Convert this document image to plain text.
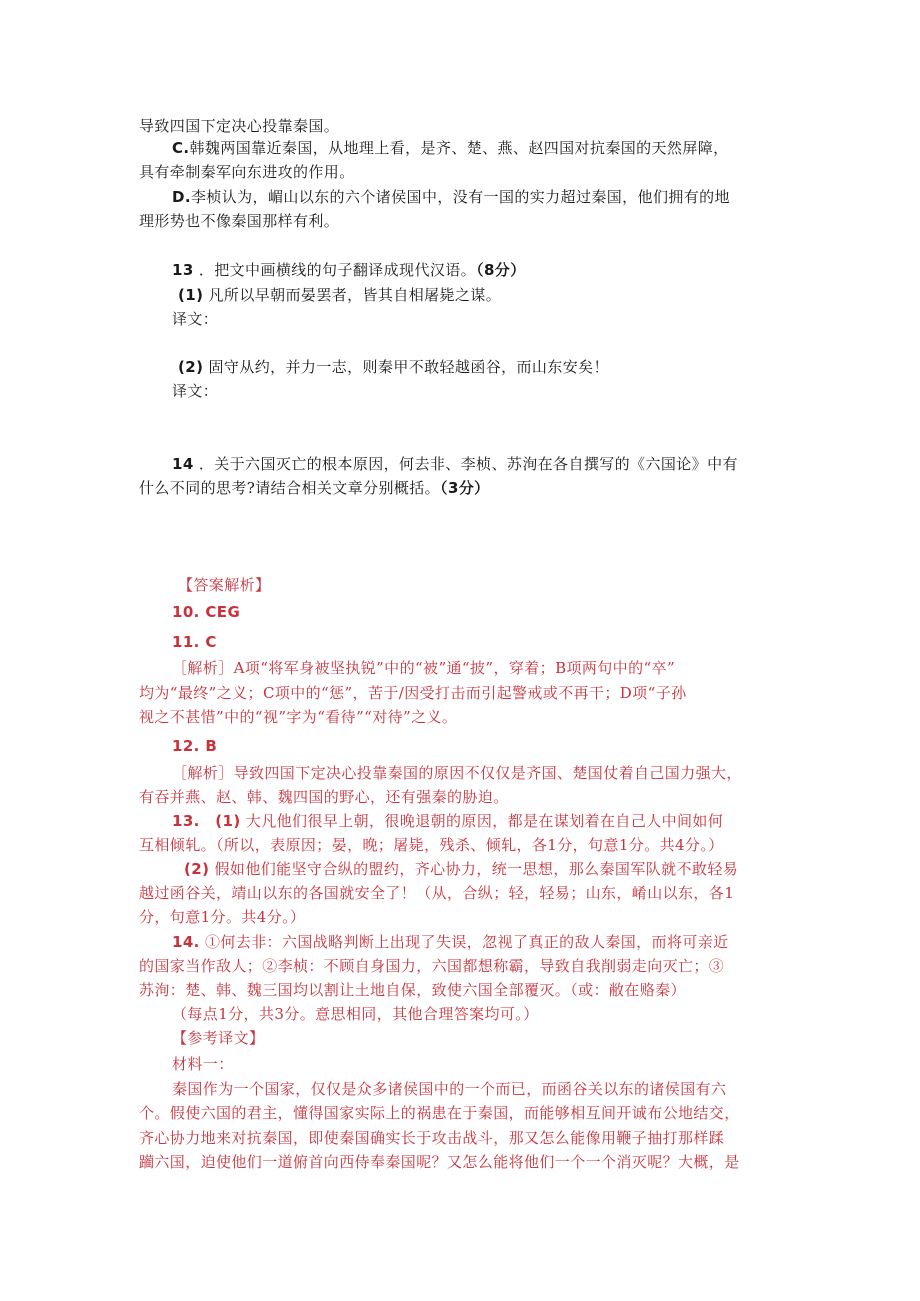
导致四国下定决心投靠秦国。
C.韩魏两国靠近秦国，从地理上看，是齐、楚、燕、赵四国对抗秦国的天然屏障，
具有牵制秦军向东进攻的作用。
D.李桢认为，嵋山以东的六个诸侯国中，没有一国的实力超过秦国，他们拥有的地
理形势也不像秦国那样有利。
13 ．把文中画横线的句子翻译成现代汉语。（8分）
(1) 凡所以早朝而晏罢者，皆其自相屠毙之谋。
译文：
(2) 固守从约，并力一志，则秦甲不敢轻越函谷，而山东安矣！
译文：
14 ．关于六国灭亡的根本原因，何去非、李桢、苏洵在各自撰写的《六国论》中有
什么不同的思考?请结合相关文章分别概括。（3分）
【答案解析】
10. CEG
11. C
［解析］A项“将军身被坚执锐”中的“被”通“披”，穿着；B项两句中的“卒”
均为“最终”之义；C项中的“惩”，苦于/因受打击而引起警戒或不再干；D项“子孙
视之不甚惜”中的“视”字为“看待”“对待”之义。
12. B
［解析］导致四国下定决心投靠秦国的原因不仅仅是齐国、楚国仗着自己国力强大，
有吞并燕、赵、韩、魏四国的野心，还有强秦的胁迫。
13. (1) 大凡他们很早上朝，很晚退朝的原因，都是在谋划着在自己人中间如何
互相倾轧。（所以，表原因；晏，晚；屠毙，残杀、倾轧，各1分，句意1分。共4分。）
(2) 假如他们能坚守合纵的盟约，齐心协力，统一思想，那么秦国军队就不敢轻易
越过函谷关，靖山以东的各国就安全了！（从，合纵；轻，轻易；山东，崤山以东，各1
分，句意1分。共4分。）
14. ①何去非：六国战略判断上出现了失误，忽视了真正的敌人秦国，而将可亲近
的国家当作敌人；②李桢：不顾自身国力，六国都想称霸，导致自我削弱走向灭亡；③
苏洵：楚、韩、魏三国均以割让土地自保，致使六国全部覆灭。（或：敝在赂秦）
（每点1分，共3分。意思相同，其他合理答案均可。）
【参考译文】
材料一：
秦国作为一个国家，仅仅是众多诸侯国中的一个而已，而函谷关以东的诸侯国有六
个。假使六国的君主，懂得国家实际上的祸患在于秦国，而能够相互间开诚布公地结交，
齐心协力地来对抗秦国，即使秦国确实长于攻击战斗，那又怎么能像用鞭子抽打那样蹂
躏六国，迫使他们一道俯首向西侍奉秦国呢？又怎么能将他们一个一个消灭呢？大概，是
